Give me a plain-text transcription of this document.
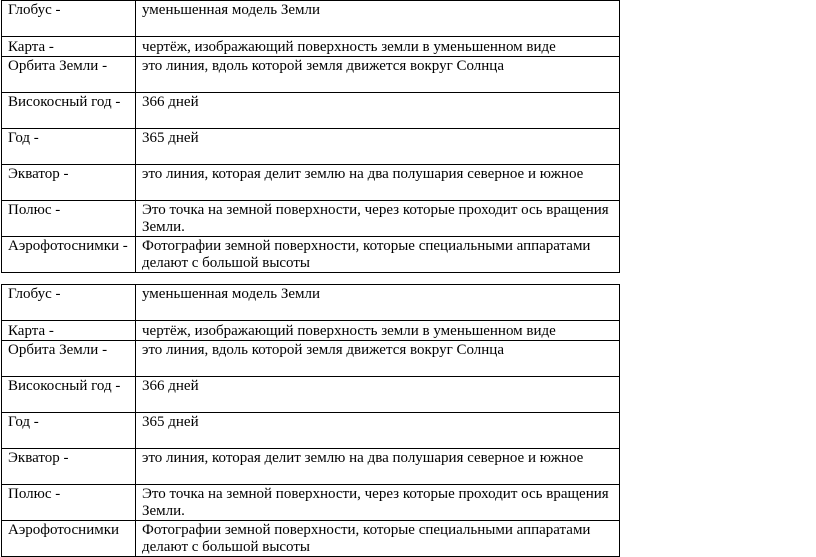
Глобус -	уменьшенная модель Земли
Карта -	чертёж, изображающий поверхность земли в уменьшенном виде
Орбита Земли -	это линия, вдоль которой земля движется вокруг Солнца
Високосный год -	366 дней
Год -	365 дней
Экватор -	это линия, которая делит землю на два полушария северное и южное
Полюс -	Это точка на земной поверхности, через которые проходит ось вращения Земли.
Аэрофотоснимки -	Фотографии земной поверхности, которые специальными аппаратами делают с большой высоты
Глобус -	уменьшенная модель Земли
Карта -	чертёж, изображающий поверхность земли в уменьшенном виде
Орбита Земли -	это линия, вдоль которой земля движется вокруг Солнца
Високосный год -	366 дней
Год -	365 дней
Экватор -	это линия, которая делит землю на два полушария северное и южное
Полюс -	Это точка на земной поверхности, через которые проходит ось вращения Земли.
Аэрофотоснимки	Фотографии земной поверхности, которые специальными аппаратами делают с большой высоты
